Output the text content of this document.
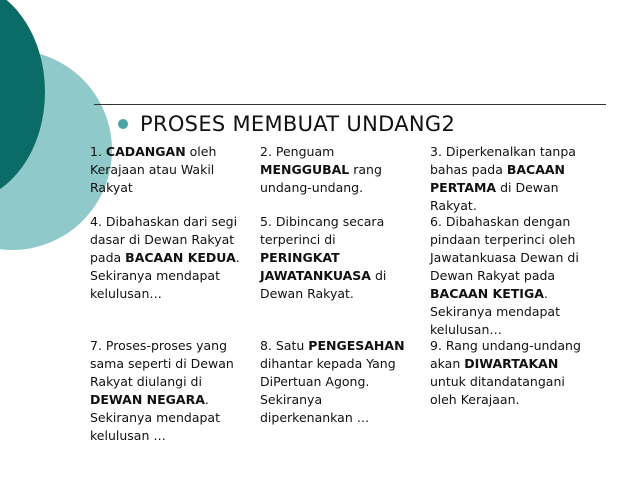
PROSES MEMBUAT UNDANG2
1. CADANGAN oleh Kerajaan atau Wakil Rakyat
2. Penguam MENGGUBAL rang undang-undang.
3. Diperkenalkan tanpa bahas pada BACAAN PERTAMA di Dewan Rakyat.
4. Dibahaskan dari segi dasar di Dewan Rakyat pada BACAAN KEDUA. Sekiranya mendapat kelulusan…
5. Dibincang secara terperinci di PERINGKAT JAWATANKUASA di Dewan Rakyat.
6. Dibahaskan dengan pindaan terperinci oleh Jawatankuasa Dewan di Dewan Rakyat pada BACAAN KETIGA. Sekiranya mendapat kelulusan…
7. Proses-proses yang sama seperti di Dewan Rakyat diulangi di DEWAN NEGARA. Sekiranya mendapat kelulusan …
8. Satu PENGESAHAN dihantar kepada Yang DiPertuan Agong. Sekiranya diperkenankan …
9. Rang undang-undang akan DIWARTAKAN untuk ditandatangani oleh Kerajaan.
